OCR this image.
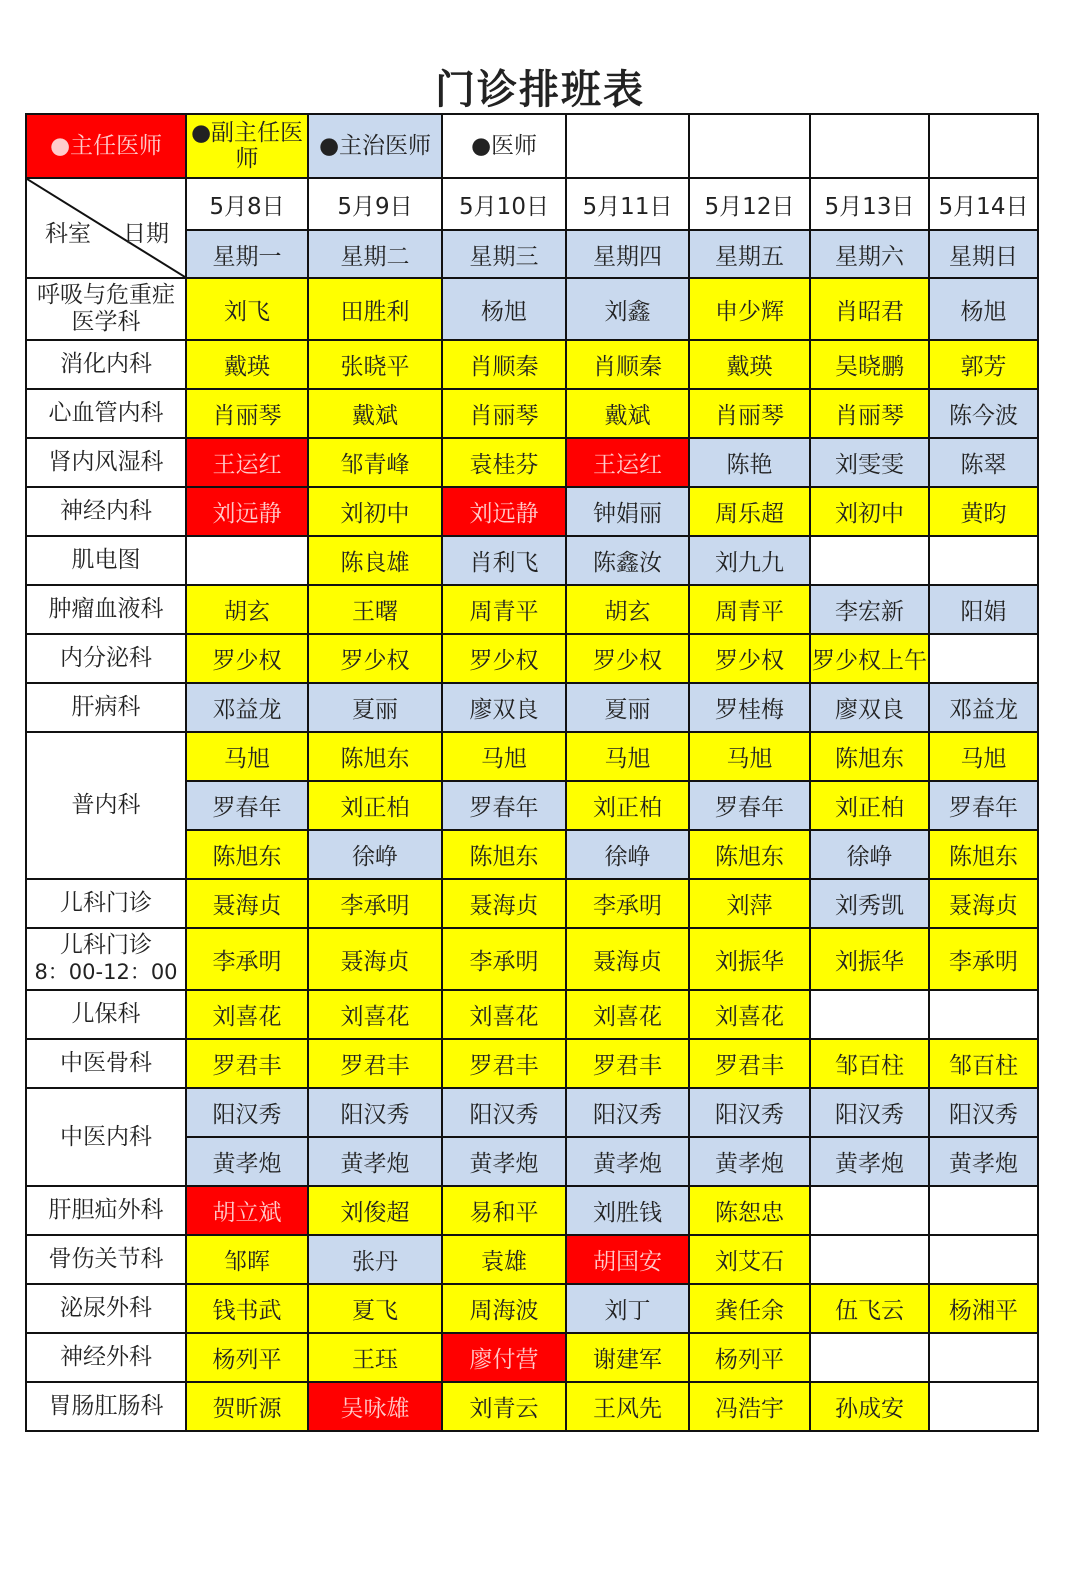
门诊排班表
●主任医师	●副主任医师	●主治医师	●医师				

科室 日期	5月8日	5月9日	5月10日	5月11日	5月12日	5月13日	5月14日
	星期一	星期二	星期三	星期四	星期五	星期六	星期日

呼吸与危重症医学科	刘飞	田胜利	杨旭	刘鑫	申少辉	肖昭君	杨旭

消化内科	戴瑛	张晓平	肖顺秦	肖顺秦	戴瑛	吴晓鹏	郭芳

心血管内科	肖丽琴	戴斌	肖丽琴	戴斌	肖丽琴	肖丽琴	陈今波

肾内风湿科	王运红	邹青峰	袁桂芬	王运红	陈艳	刘雯雯	陈翠

神经内科	刘远静	刘初中	刘远静	钟娟丽	周乐超	刘初中	黄昀

肌电图		陈良雄	肖利飞	陈鑫汝	刘九九		

肿瘤血液科	胡玄	王曙	周青平	胡玄	周青平	李宏新	阳娟

内分泌科	罗少权	罗少权	罗少权	罗少权	罗少权	罗少权上午	

肝病科	邓益龙	夏丽	廖双良	夏丽	罗桂梅	廖双良	邓益龙

普内科	马旭	陈旭东	马旭	马旭	马旭	陈旭东	马旭
	罗春年	刘正柏	罗春年	刘正柏	罗春年	刘正柏	罗春年
	陈旭东	徐峥	陈旭东	徐峥	陈旭东	徐峥	陈旭东

儿科门诊	聂海贞	李承明	聂海贞	李承明	刘萍	刘秀凯	聂海贞

儿科门诊
8：00-12：00	李承明	聂海贞	李承明	聂海贞	刘振华	刘振华	李承明

儿保科	刘喜花	刘喜花	刘喜花	刘喜花	刘喜花		

中医骨科	罗君丰	罗君丰	罗君丰	罗君丰	罗君丰	邹百柱	邹百柱

中医内科	阳汉秀	阳汉秀	阳汉秀	阳汉秀	阳汉秀	阳汉秀	阳汉秀
	黄孝炮	黄孝炮	黄孝炮	黄孝炮	黄孝炮	黄孝炮	黄孝炮

肝胆疝外科	胡立斌	刘俊超	易和平	刘胜钱	陈恕忠		

骨伤关节科	邹晖	张丹	袁雄	胡国安	刘艾石		

泌尿外科	钱书武	夏飞	周海波	刘丁	龚任余	伍飞云	杨湘平

神经外科	杨列平	王珏	廖付营	谢建军	杨列平		

胃肠肛肠科	贺昕源	吴咏雄	刘青云	王风先	冯浩宇	孙成安	
